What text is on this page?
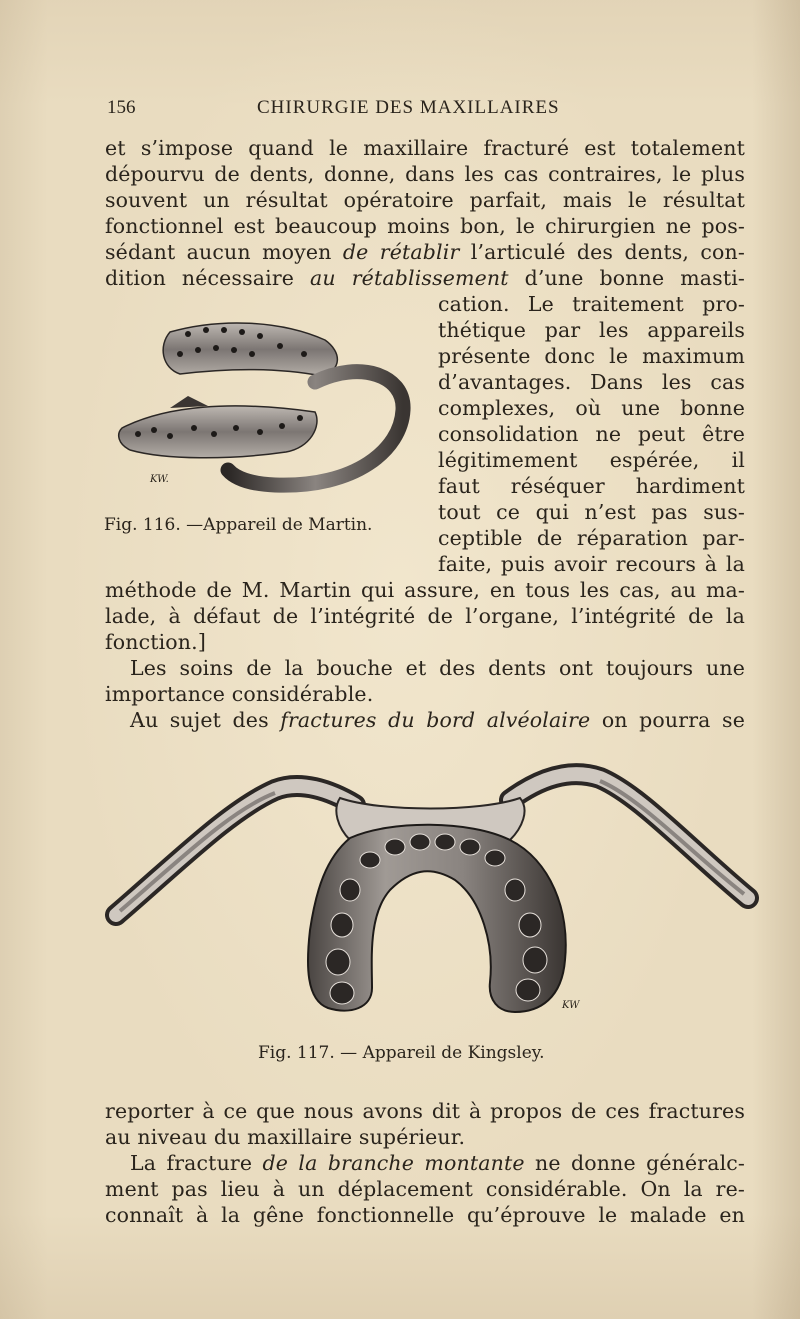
156	CHIRURGIE DES MAXILLAIRES
et s’impose quand le maxillaire fracturé est totalement
dépourvu de dents, donne, dans les cas contraires, le plus
souvent un résultat opératoire parfait, mais le résultat
fonctionnel est beaucoup moins bon, le chirurgien ne pos-
sédant aucun moyen de rétablir l’articulé des dents, con-
dition nécessaire au rétablissement d’une bonne masti-
cation. Le traitement pro-
thétique par les appareils
présente donc le maximum
d’avantages. Dans les cas
complexes, où une bonne
consolidation ne peut être
légitimement espérée, il
faut réséquer hardiment
tout ce qui n’est pas sus-
ceptible de réparation par-
faite, puis avoir recours à la
KW.
Fig. 116. —Appareil de Martin.
méthode de M. Martin qui assure, en tous les cas, au ma-
lade, à défaut de l’intégrité de l’organe, l’intégrité de la
fonction.]
Les soins de la bouche et des dents ont toujours une
importance considérable.
Au sujet des fractures du bord alvéolaire on pourra se
KW
Fig. 117. — Appareil de Kingsley.
reporter à ce que nous avons dit à propos de ces fractures
au niveau du maxillaire supérieur.
La fracture de la branche montante ne donne généralc-
ment pas lieu à un déplacement considérable. On la re-
connaît à la gêne fonctionnelle qu’éprouve le malade en
